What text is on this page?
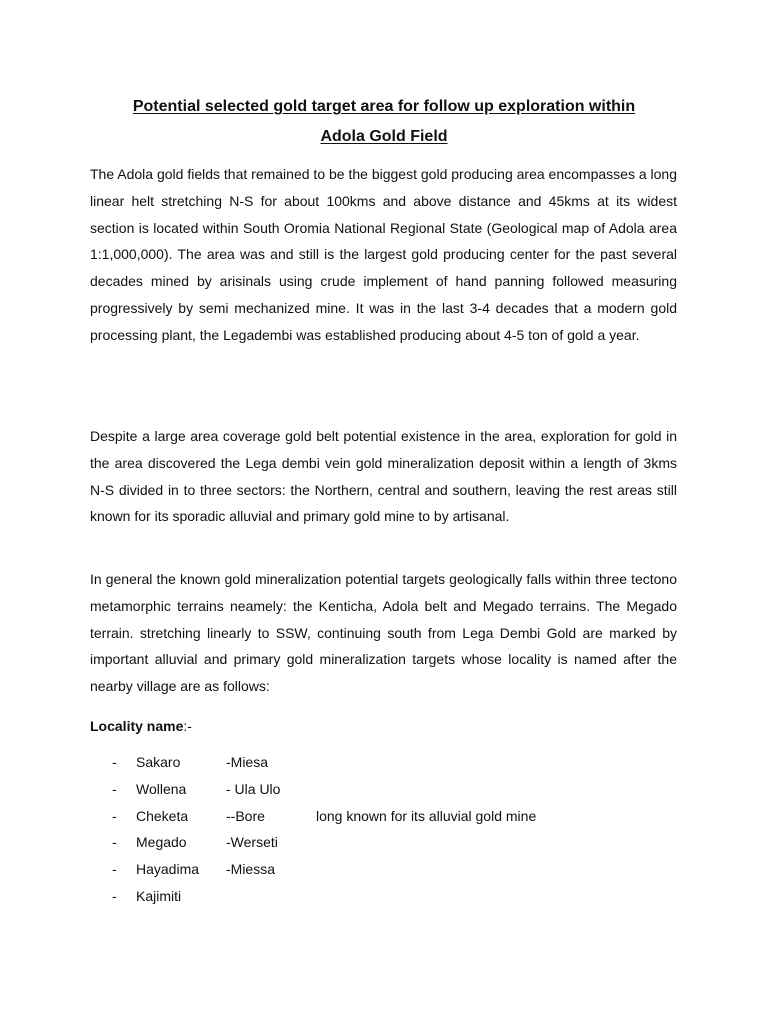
Potential selected gold target area for follow up exploration within
Adola Gold Field

The Adola gold fields that remained to be the biggest gold producing area encompasses a long linear helt stretching N-S for about 100kms and above distance and 45kms at its widest section is located within South Oromia National Regional State (Geological map of Adola area 1:1,000,000). The area was and still is the largest gold producing center for the past several decades mined by arisinals using crude implement of hand panning followed measuring progressively by semi mechanized mine. It was in the last 3-4 decades that a modern gold processing plant, the Legadembi was established producing about 4-5 ton of gold a year.

Despite a large area coverage gold belt potential existence in the area, exploration for gold in the area discovered the Lega dembi vein gold mineralization deposit within a length of 3kms N-S divided in to three sectors: the Northern, central and southern, leaving the rest areas still known for its sporadic alluvial and primary gold mine to by artisanal.

In general the known gold mineralization potential targets geologically falls within three tectono metamorphic terrains neamely: the Kenticha, Adola belt and Megado terrains. The Megado terrain. stretching linearly to SSW, continuing south from Lega Dembi Gold are marked by important alluvial and primary gold mineralization targets whose locality is named after the nearby village are as follows:

Locality name:-

- Sakaro	-Miesa
- Wollena	- Ula Ulo
- Cheketa	--Bore	long known for its alluvial gold mine
- Megado	-Werseti
- Hayadima -Miessa
- Kajimiti
